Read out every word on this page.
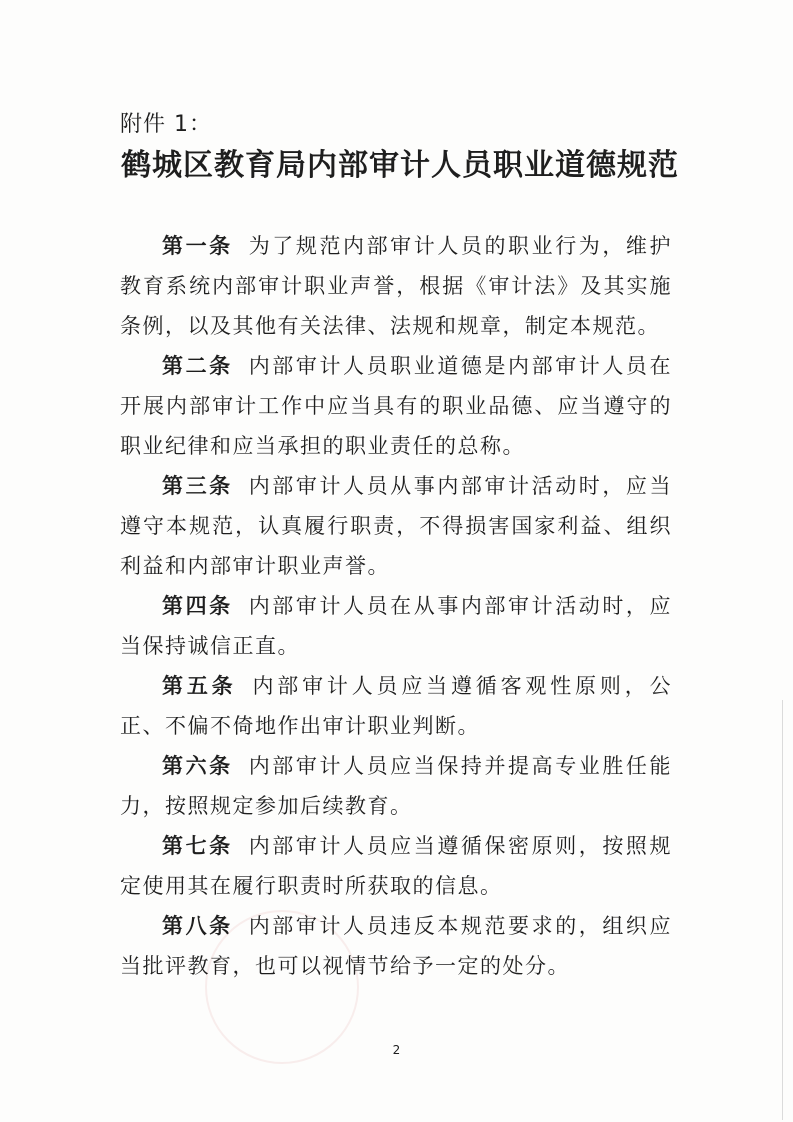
附件 1：
鹤城区教育局内部审计人员职业道德规范

第一条 为了规范内部审计人员的职业行为，维护教育系统内部审计职业声誉，根据《审计法》及其实施条例，以及其他有关法律、法规和规章，制定本规范。

第二条 内部审计人员职业道德是内部审计人员在开展内部审计工作中应当具有的职业品德、应当遵守的职业纪律和应当承担的职业责任的总称。

第三条 内部审计人员从事内部审计活动时，应当遵守本规范，认真履行职责，不得损害国家利益、组织利益和内部审计职业声誉。

第四条 内部审计人员在从事内部审计活动时，应当保持诚信正直。

第五条 内部审计人员应当遵循客观性原则，公正、不偏不倚地作出审计职业判断。

第六条 内部审计人员应当保持并提高专业胜任能力，按照规定参加后续教育。

第七条 内部审计人员应当遵循保密原则，按照规定使用其在履行职责时所获取的信息。

第八条 内部审计人员违反本规范要求的，组织应当批评教育，也可以视情节给予一定的处分。

2
